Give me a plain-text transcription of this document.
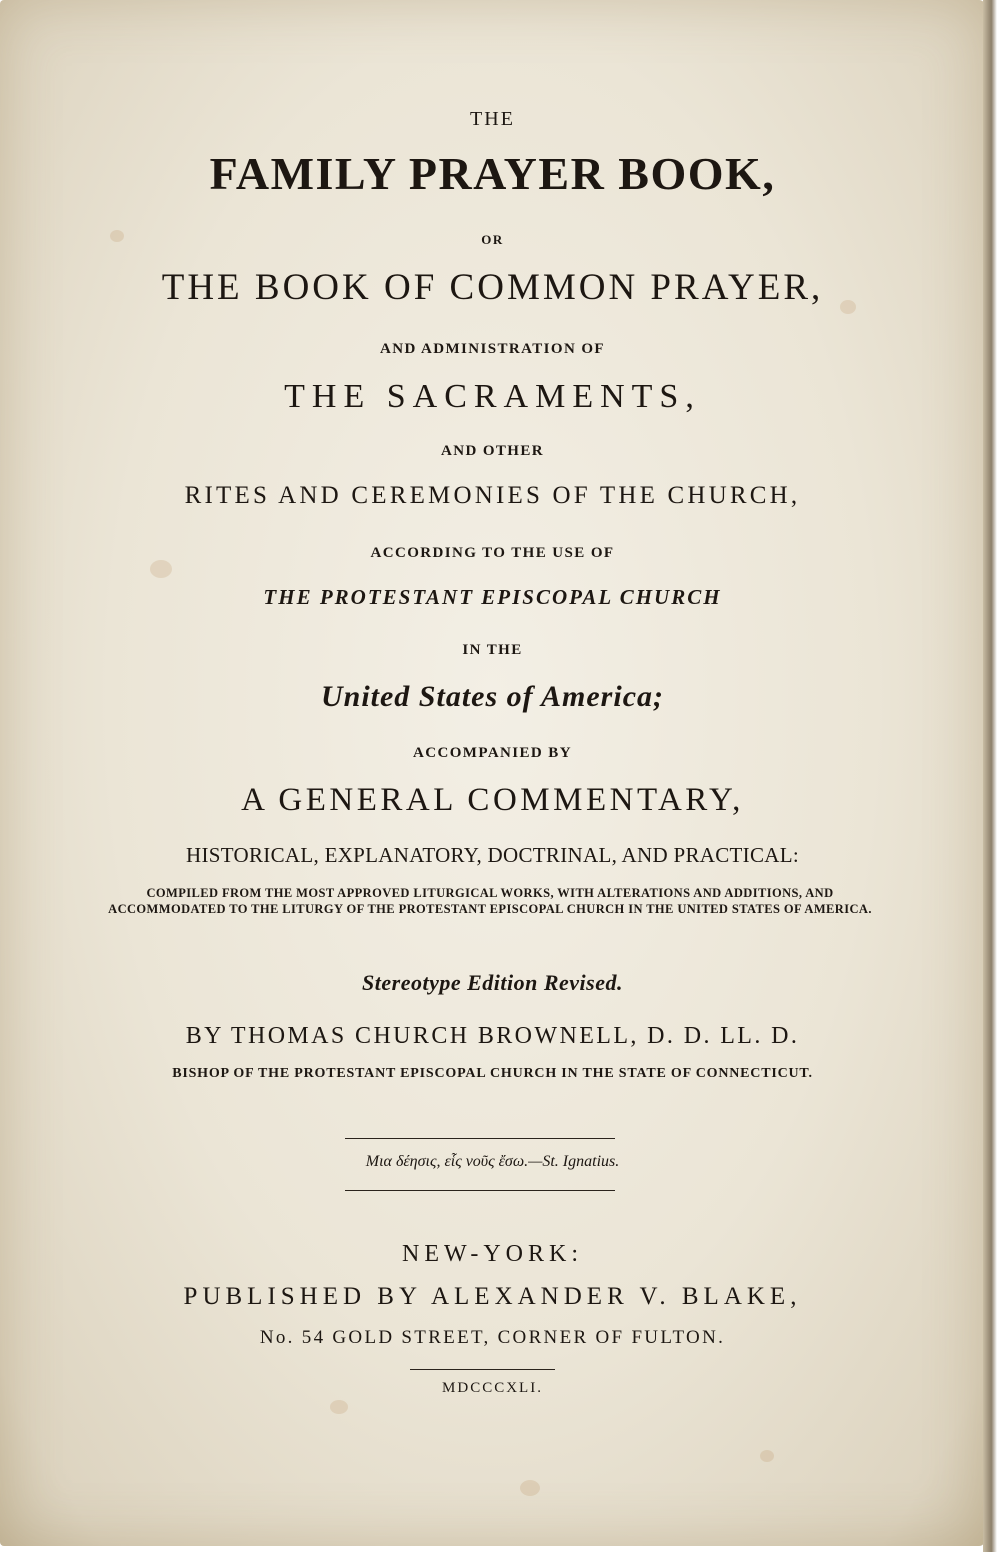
THE
FAMILY PRAYER BOOK,
OR
THE BOOK OF COMMON PRAYER,
AND ADMINISTRATION OF
THE SACRAMENTS,
AND OTHER
RITES AND CEREMONIES OF THE CHURCH,
ACCORDING TO THE USE OF
THE PROTESTANT EPISCOPAL CHURCH
IN THE
United States of America;
ACCOMPANIED BY
A GENERAL COMMENTARY,
HISTORICAL, EXPLANATORY, DOCTRINAL, AND PRACTICAL:
COMPILED FROM THE MOST APPROVED LITURGICAL WORKS, WITH ALTERATIONS AND ADDITIONS, AND ACCOMMODATED TO THE LITURGY OF THE PROTESTANT EPISCOPAL CHURCH IN THE UNITED STATES OF AMERICA.
Stereotype Edition Revised.
BY THOMAS CHURCH BROWNELL, D. D. LL. D.
BISHOP OF THE PROTESTANT EPISCOPAL CHURCH IN THE STATE OF CONNECTICUT.
Μια δέησις, εἷς νοῦς ἔσω.—St. Ignatius.
NEW-YORK:
PUBLISHED BY ALEXANDER V. BLAKE,
No. 54 GOLD STREET, CORNER OF FULTON.
MDCCCXLI.
